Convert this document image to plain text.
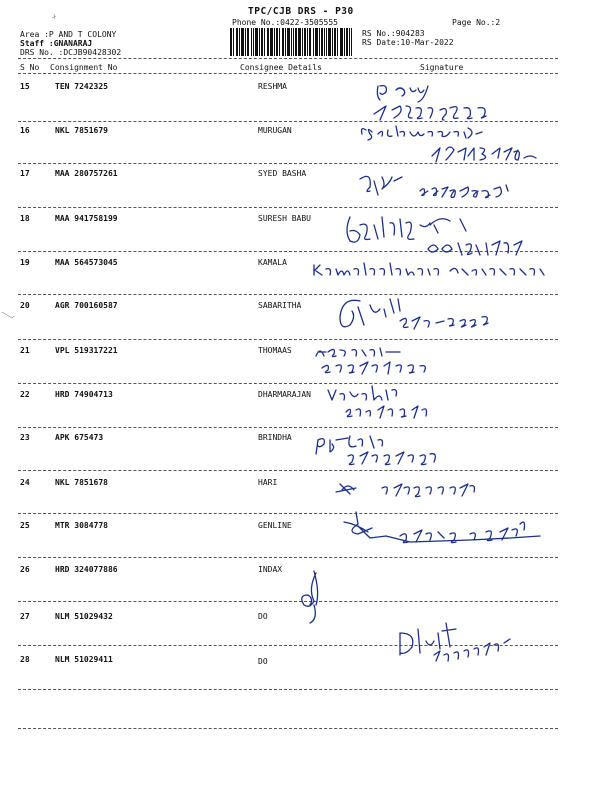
TPC/CJB DRS - P30
Phone No.:0422-3505555
Area :P AND T COLONY
Staff :GNANARAJ
DRS No. :DCJB90428302
RS No.:904283
RS Date:10-Mar-2022
Page No.:2
S No Consignment No	Consignee Details	Signature
15	TEN 7242325	RESHMA
16	NKL 7851679	MURUGAN
17	MAA 280757261	SYED BASHA
18	MAA 941758199	SURESH BABU
19	MAA 564573045	KAMALA
20	AGR 700160587	SABARITHA
21	VPL 519317221	THOMAAS
22	HRD 74904713	DHARMARAJAN
23	APK 675473	BRINDHA
24	NKL 7851678	HARI
25	MTR 3084778	GENLINE
26	HRD 324077886	INDAX
27	NLM 51029432	DO
28	NLM 51029411	DO
